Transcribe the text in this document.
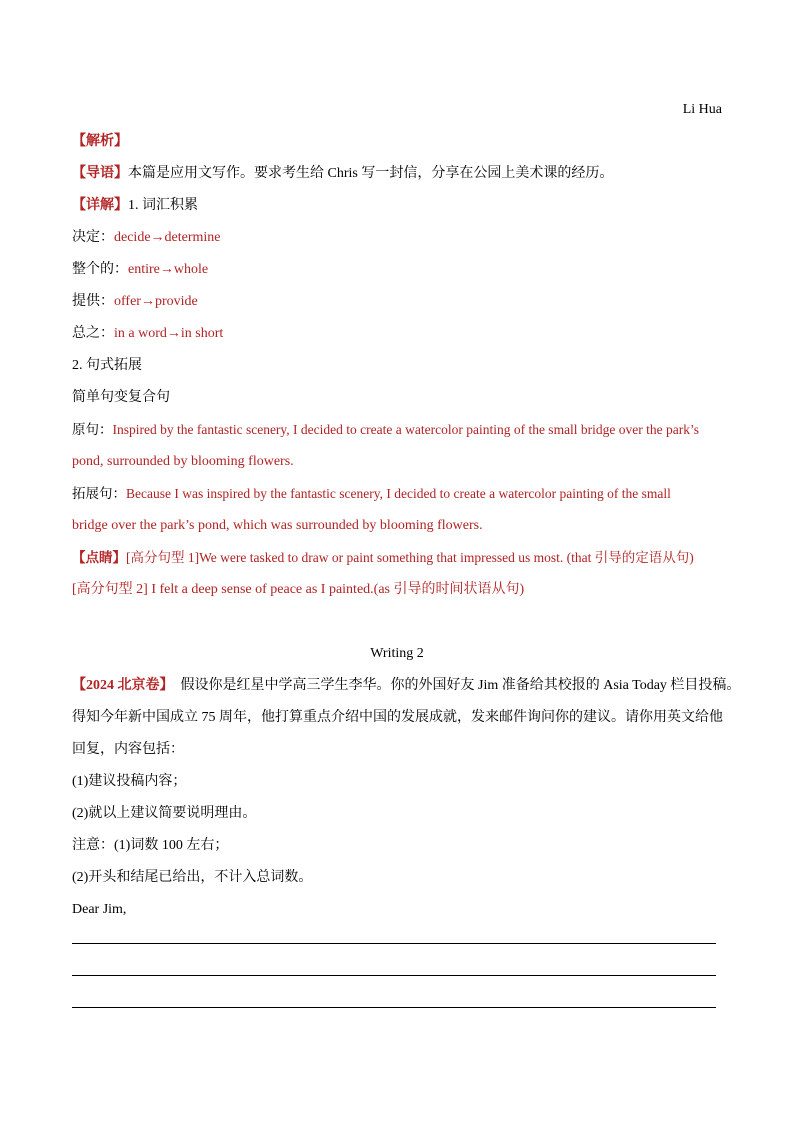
Li Hua
【解析】
【导语】本篇是应用文写作。要求考生给 Chris 写一封信，分享在公园上美术课的经历。
【详解】1. 词汇积累
决定：decide→determine
整个的：entire→whole
提供：offer→provide
总之：in a word→in short
2. 句式拓展
简单句变复合句
原句：Inspired by the fantastic scenery, I decided to create a watercolor painting of the small bridge over the park’s
pond, surrounded by blooming flowers.
拓展句：Because I was inspired by the fantastic scenery, I decided to create a watercolor painting of the small
bridge over the park’s pond, which was surrounded by blooming flowers.
【点睛】[高分句型 1]We were tasked to draw or paint something that impressed us most. (that 引导的定语从句)
[高分句型 2] I felt a deep sense of peace as I painted.(as 引导的时间状语从句)
Writing 2
【2024 北京卷】 假设你是红星中学高三学生李华。你的外国好友 Jim 准备给其校报的 Asia Today 栏目投稿。
得知今年新中国成立 75 周年，他打算重点介绍中国的发展成就，发来邮件询问你的建议。请你用英文给他
回复，内容包括：
(1)建议投稿内容；
(2)就以上建议简要说明理由。
注意：(1)词数 100 左右；
(2)开头和结尾已给出，不计入总词数。
Dear Jim,
